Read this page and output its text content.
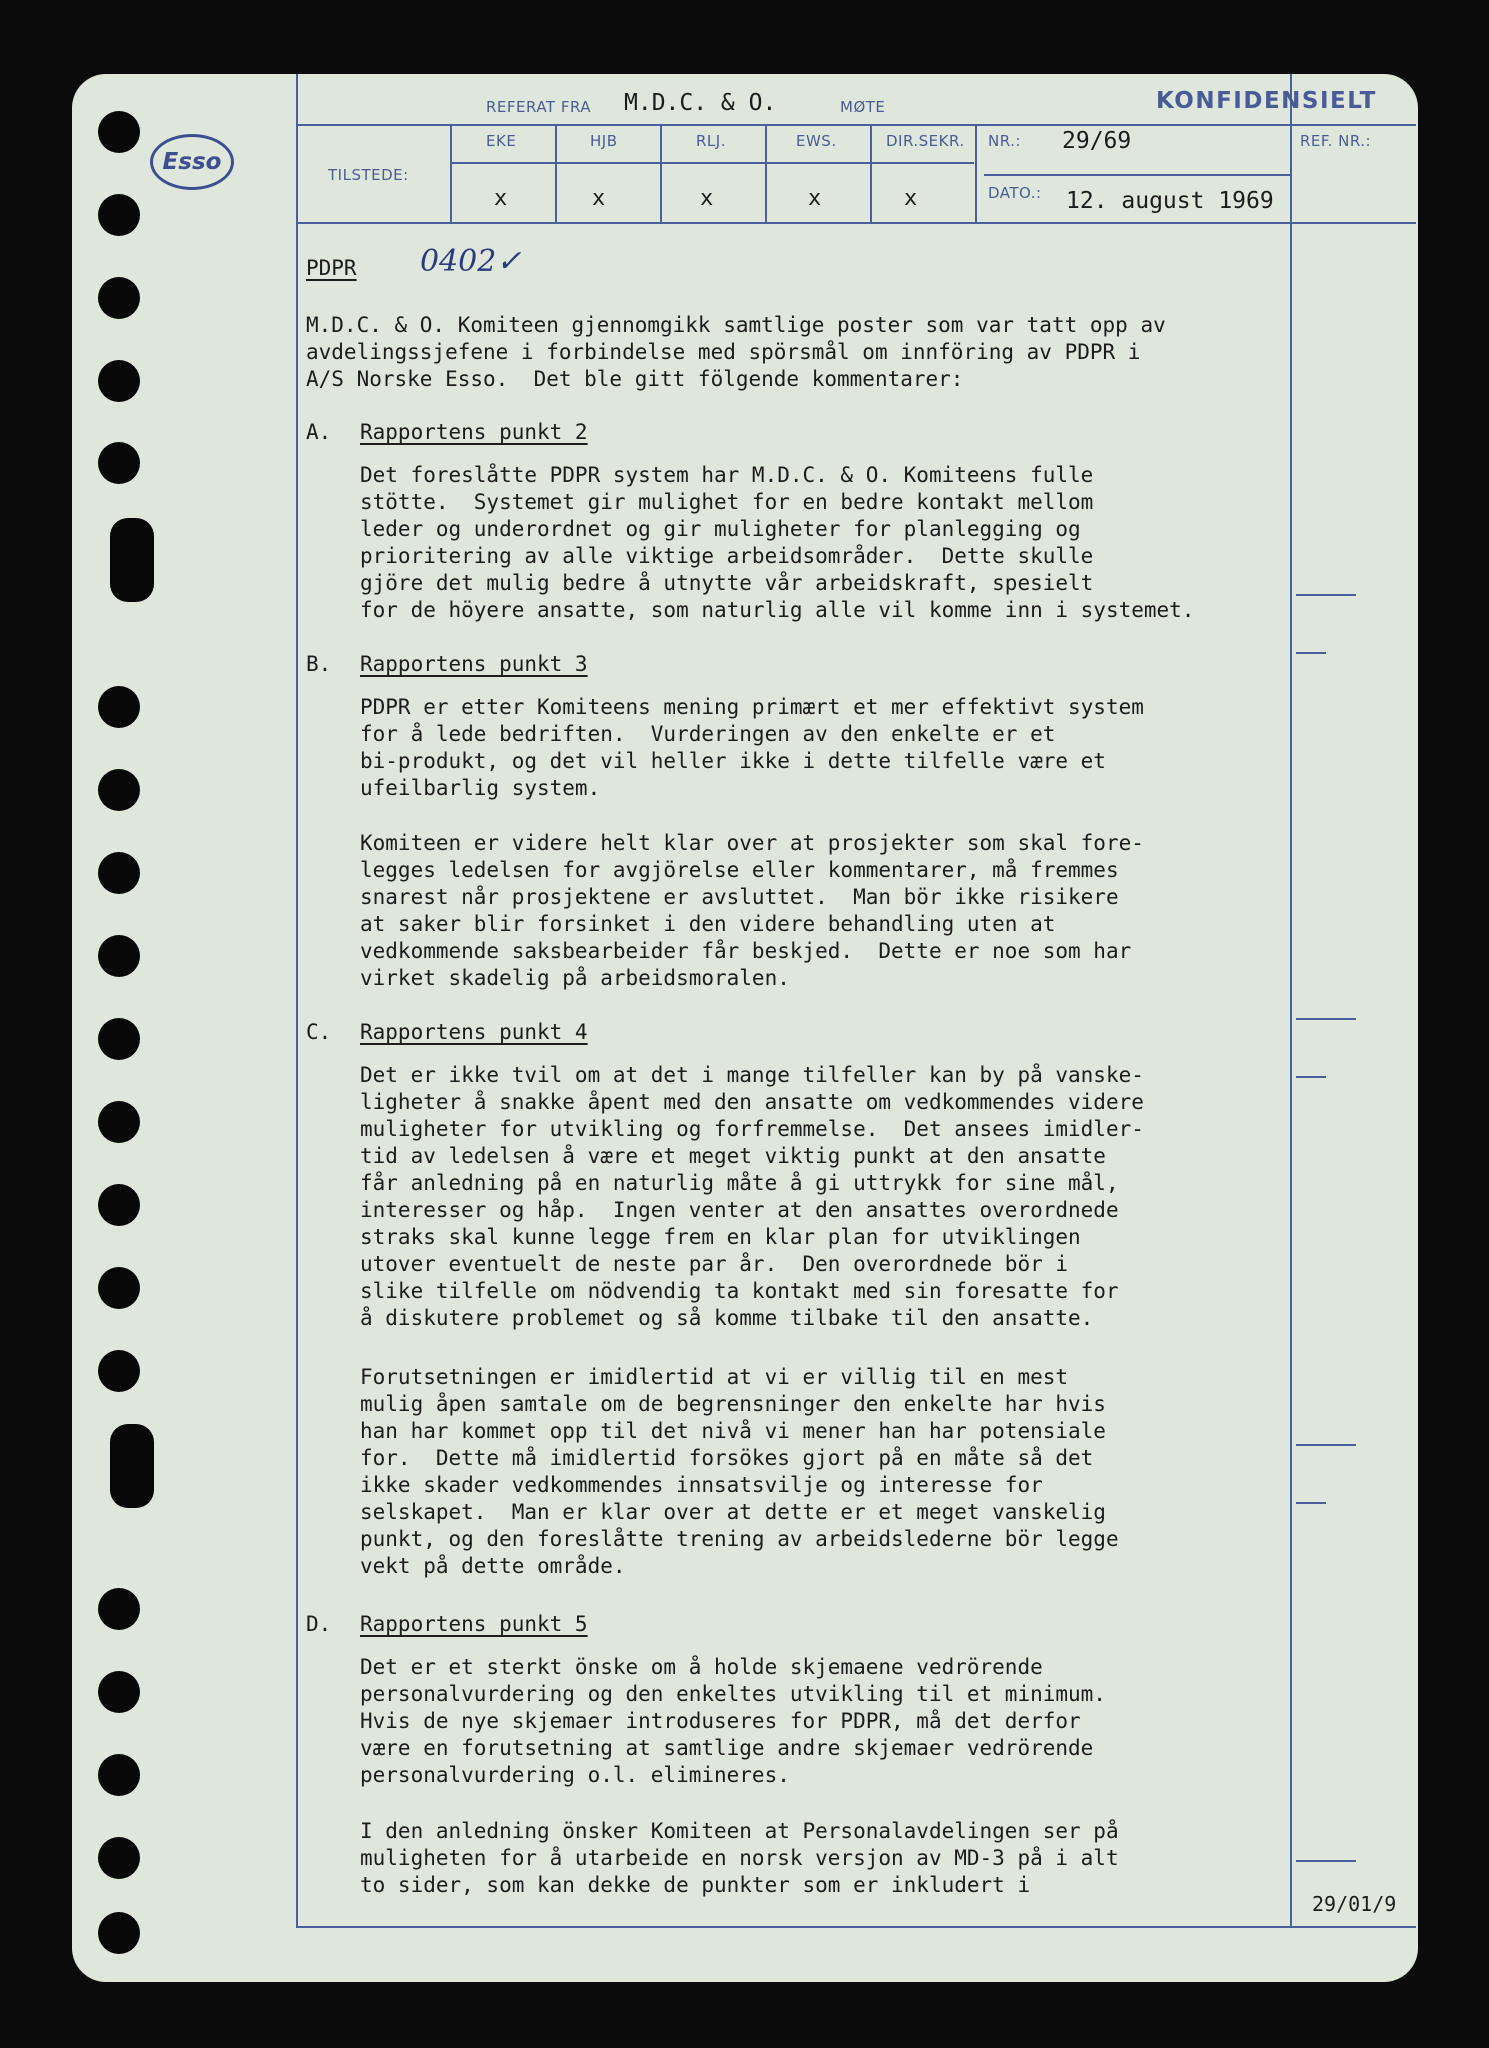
Esso
REFERAT FRA M.D.C. & O.	MØTE	KONFIDENSIELT
TILSTEDE:
EKE	HJB	RLJ.	EWS.	DIR.SEKR.
x	x	x	x	x
NR.: 29/69
DATO.: 12. august 1969
REF. NR.:
PDPR 0402✓
M.D.C. & O. Komiteen gjennomgikk samtlige poster som var tatt opp av
avdelingssjefene i forbindelse med spörsmål om innföring av PDPR i
A/S Norske Esso.  Det ble gitt fölgende kommentarer:
A. Rapportens punkt 2
Det foreslåtte PDPR system har M.D.C. & O. Komiteens fulle
stötte.  Systemet gir mulighet for en bedre kontakt mellom
leder og underordnet og gir muligheter for planlegging og
prioritering av alle viktige arbeidsområder.  Dette skulle
gjöre det mulig bedre å utnytte vår arbeidskraft, spesielt
for de höyere ansatte, som naturlig alle vil komme inn i systemet.
B. Rapportens punkt 3
PDPR er etter Komiteens mening primært et mer effektivt system
for å lede bedriften.  Vurderingen av den enkelte er et
bi-produkt, og det vil heller ikke i dette tilfelle være et
ufeilbarlig system.
Komiteen er videre helt klar over at prosjekter som skal fore-
legges ledelsen for avgjörelse eller kommentarer, må fremmes
snarest når prosjektene er avsluttet.  Man bör ikke risikere
at saker blir forsinket i den videre behandling uten at
vedkommende saksbearbeider får beskjed.  Dette er noe som har
virket skadelig på arbeidsmoralen.
C. Rapportens punkt 4
Det er ikke tvil om at det i mange tilfeller kan by på vanske-
ligheter å snakke åpent med den ansatte om vedkommendes videre
muligheter for utvikling og forfremmelse.  Det ansees imidler-
tid av ledelsen å være et meget viktig punkt at den ansatte
får anledning på en naturlig måte å gi uttrykk for sine mål,
interesser og håp.  Ingen venter at den ansattes overordnede
straks skal kunne legge frem en klar plan for utviklingen
utover eventuelt de neste par år.  Den overordnede bör i
slike tilfelle om nödvendig ta kontakt med sin foresatte for
å diskutere problemet og så komme tilbake til den ansatte.
Forutsetningen er imidlertid at vi er villig til en mest
mulig åpen samtale om de begrensninger den enkelte har hvis
han har kommet opp til det nivå vi mener han har potensiale
for.  Dette må imidlertid forsökes gjort på en måte så det
ikke skader vedkommendes innsatsvilje og interesse for
selskapet.  Man er klar over at dette er et meget vanskelig
punkt, og den foreslåtte trening av arbeidslederne bör legge
vekt på dette område.
D. Rapportens punkt 5
Det er et sterkt önske om å holde skjemaene vedrörende
personalvurdering og den enkeltes utvikling til et minimum.
Hvis de nye skjemaer introduseres for PDPR, må det derfor
være en forutsetning at samtlige andre skjemaer vedrörende
personalvurdering o.l. elimineres.
I den anledning önsker Komiteen at Personalavdelingen ser på
muligheten for å utarbeide en norsk versjon av MD-3 på i alt
to sider, som kan dekke de punkter som er inkludert i
29/01/9
